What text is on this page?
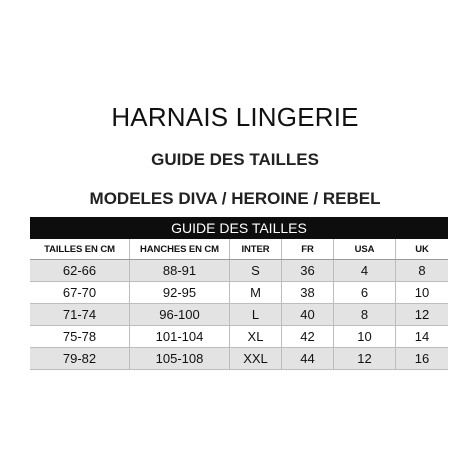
HARNAIS LINGERIE
GUIDE DES TAILLES
MODELES DIVA / HEROINE / REBEL
GUIDE DES TAILLES
TAILLES EN CM	HANCHES EN CM	INTER	FR	USA	UK
62-66	88-91	S	36	4	8
67-70	92-95	M	38	6	10
71-74	96-100	L	40	8	12
75-78	101-104	XL	42	10	14
79-82	105-108	XXL	44	12	16
